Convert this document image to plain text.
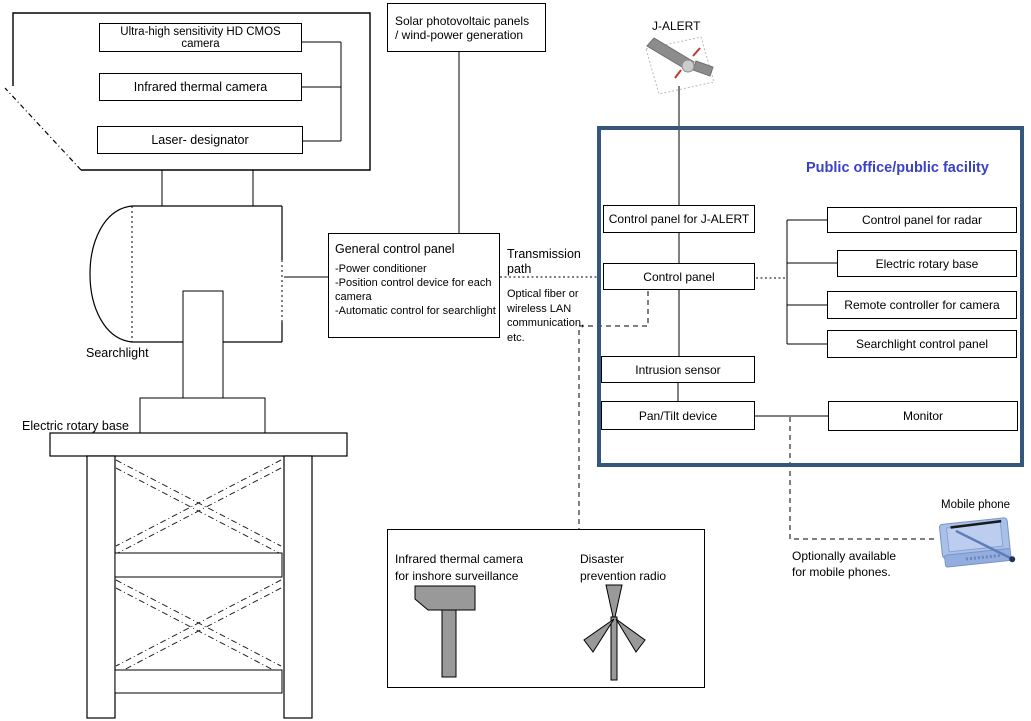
Ultra-high sensitivity HD CMOS camera
Infrared thermal camera
Laser- designator
Solar photovoltaic panels
/ wind-power generation
General control panel
-Power conditioner
-Position control device for each camera
-Automatic control for searchlight
Transmission path
Optical fiber or wireless LAN communication, etc.
J-ALERT
Public office/public facility
Control panel for J-ALERT
Control panel
Intrusion sensor
Pan/Tilt device
Control panel for radar
Electric rotary base
Remote controller for camera
Searchlight control panel
Monitor
Searchlight
Electric rotary base
Infrared thermal camera
for inshore surveillance
Disaster
prevention radio
Mobile phone
Optionally available
for mobile phones.
